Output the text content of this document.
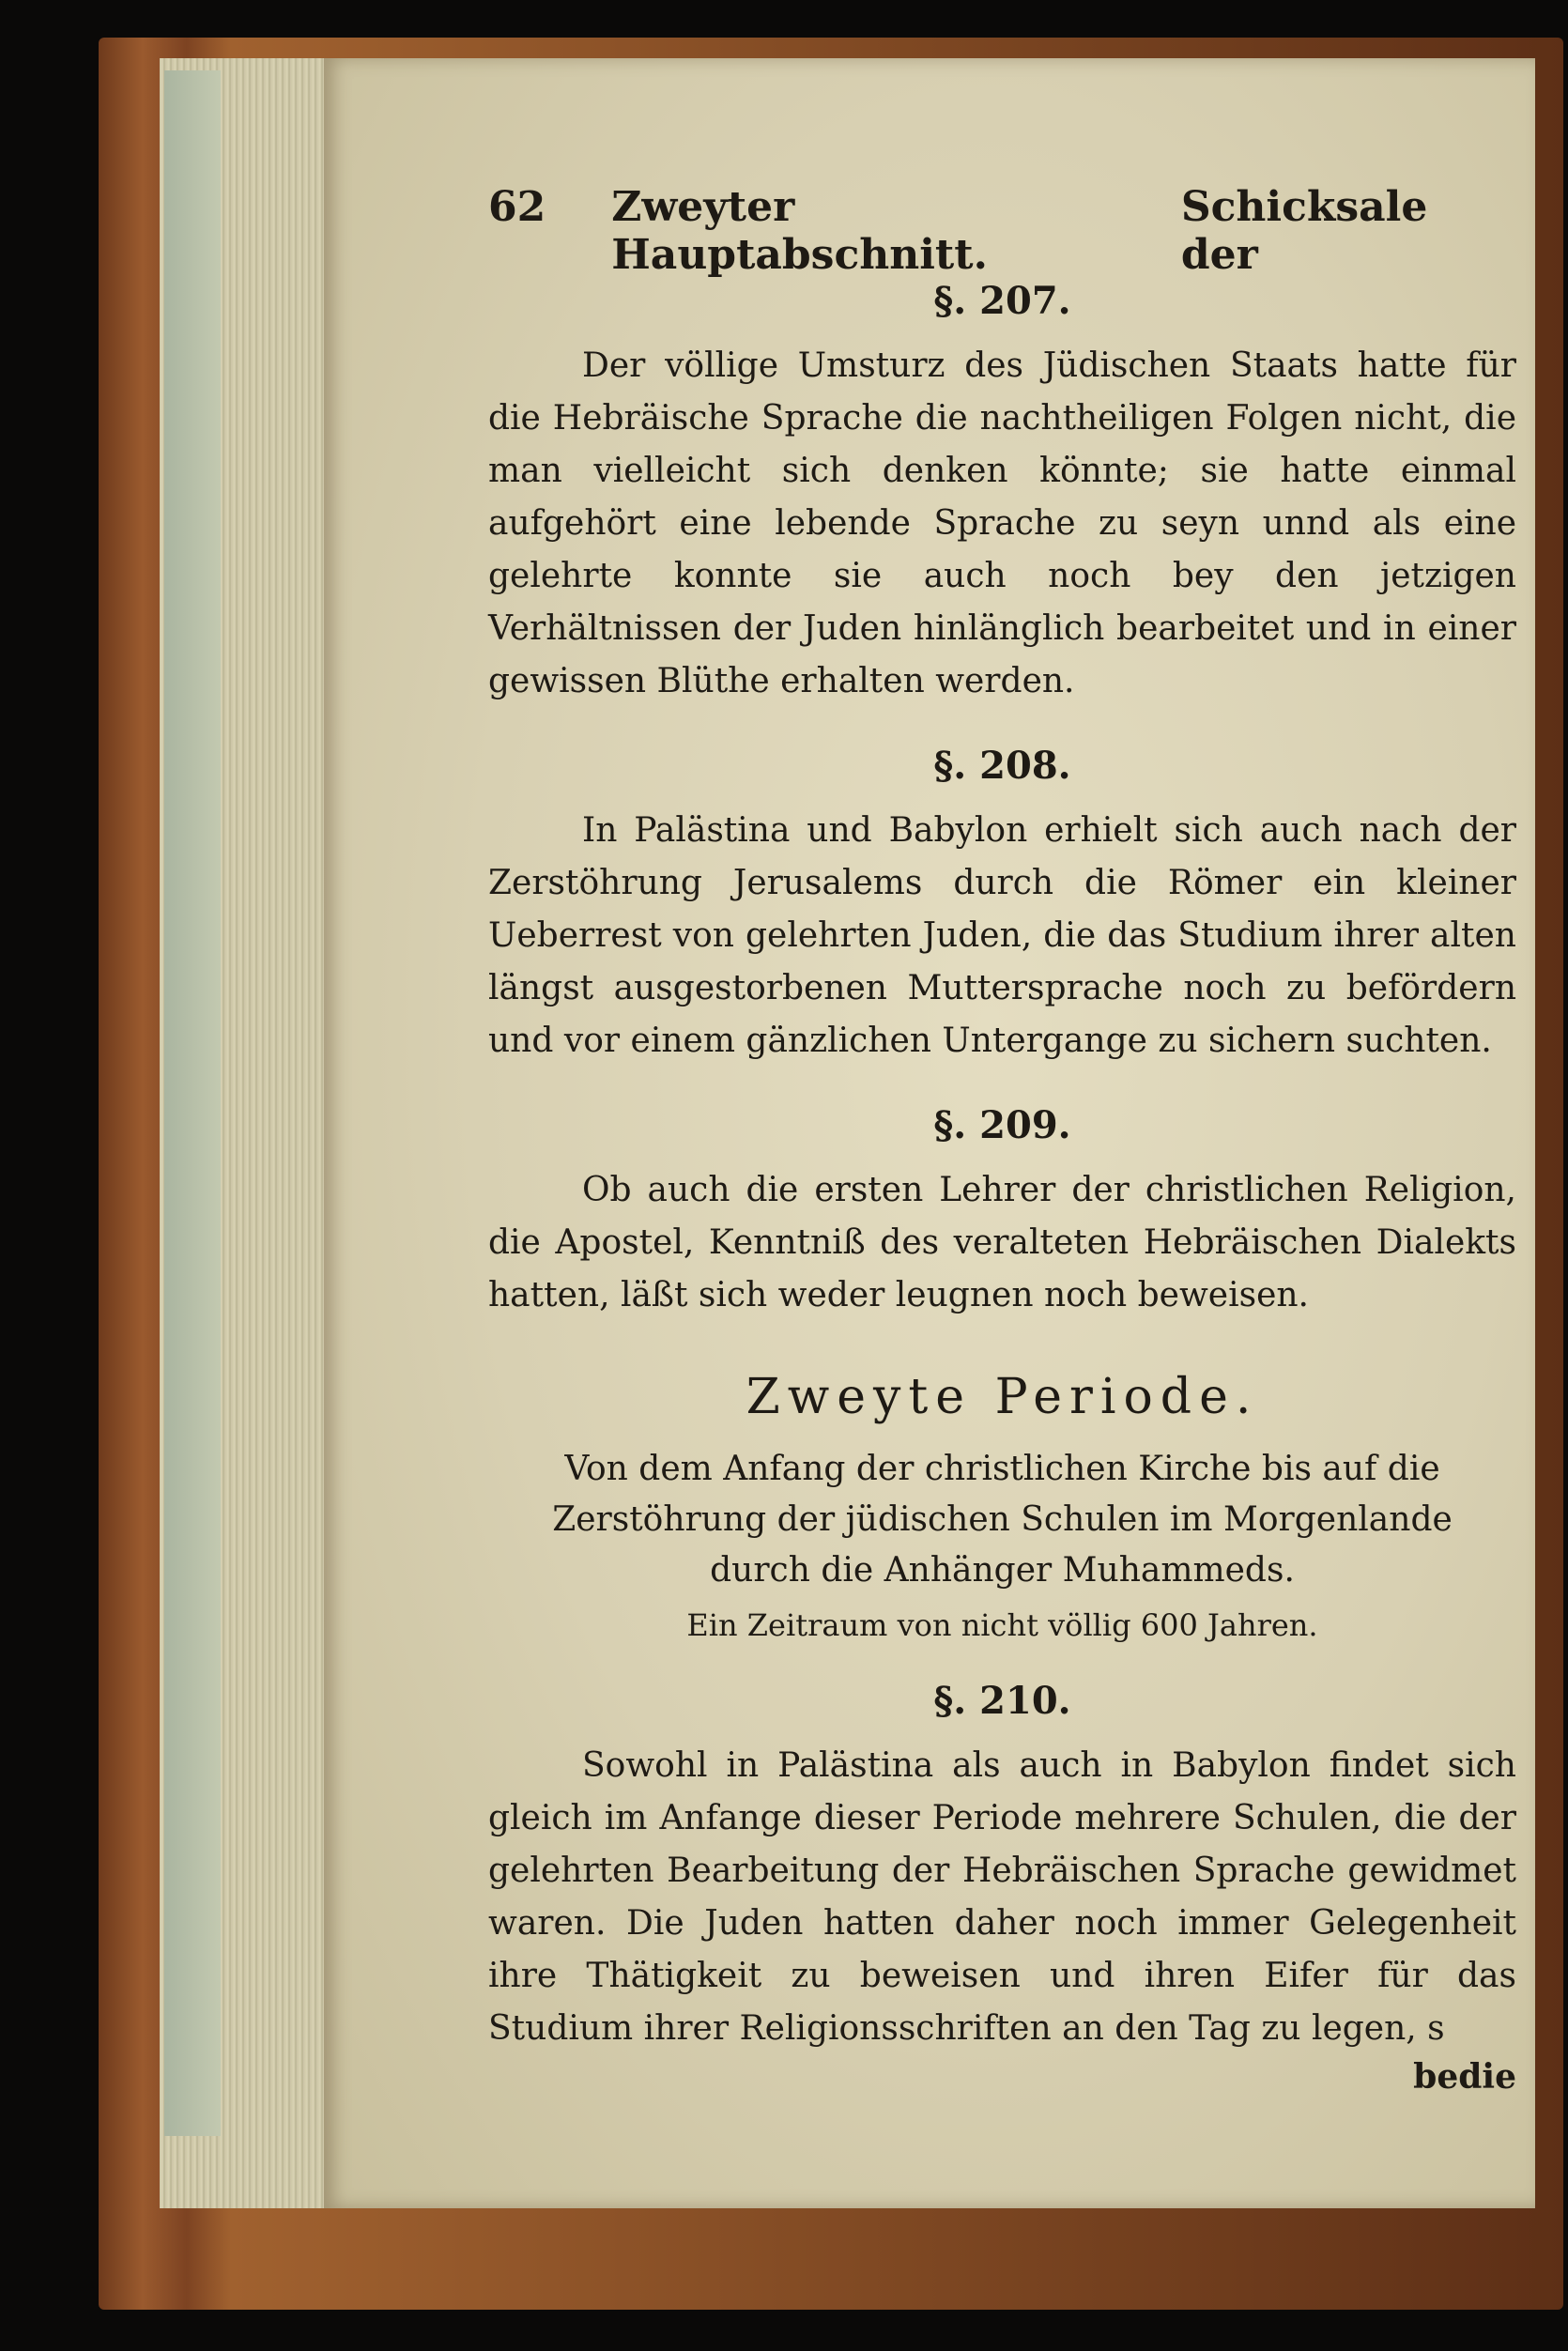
62 Zweyter Hauptabschnitt.
Schicksale der
§. 207.

Der völlige Umsturz des Jüdischen Staats hatte für die Hebräische Sprache die nachtheiligen Folgen nicht, die man vielleicht sich denken könnte; sie hatte einmal aufgehört eine lebende Sprache zu seyn unnd als eine gelehrte konnte sie auch noch bey den jetzigen Verhältnissen der Juden hinlänglich bearbeitet und in einer gewissen Blüthe erhalten werden.

§. 208.

In Palästina und Babylon erhielt sich auch nach der Zerstöhrung Jerusalems durch die Römer ein kleiner Ueberrest von gelehrten Juden, die das Studium ihrer alten längst ausgestorbenen Muttersprache noch zu befördern und vor einem gänzlichen Untergange zu sichern suchten.

§. 209.

Ob auch die ersten Lehrer der christlichen Religion, die Apostel, Kenntniß des veralteten Hebräischen Dialekts hatten, läßt sich weder leugnen noch beweisen.

Zweyte Periode.
Von dem Anfang der christlichen Kirche bis auf die Zerstöhrung der jüdischen Schulen im Morgenlande durch die Anhänger Muhammeds.
Ein Zeitraum von nicht völlig 600 Jahren.
§. 210.

Sowohl in Palästina als auch in Babylon findet sich gleich im Anfange dieser Periode mehrere Schulen, die der gelehrten Bearbeitung der Hebräischen Sprache gewidmet waren. Die Juden hatten daher noch immer Gelegenheit ihre Thätigkeit zu beweisen und ihren Eifer für das Studium ihrer Religionsschriften an den Tag zu legen, s

bedie
